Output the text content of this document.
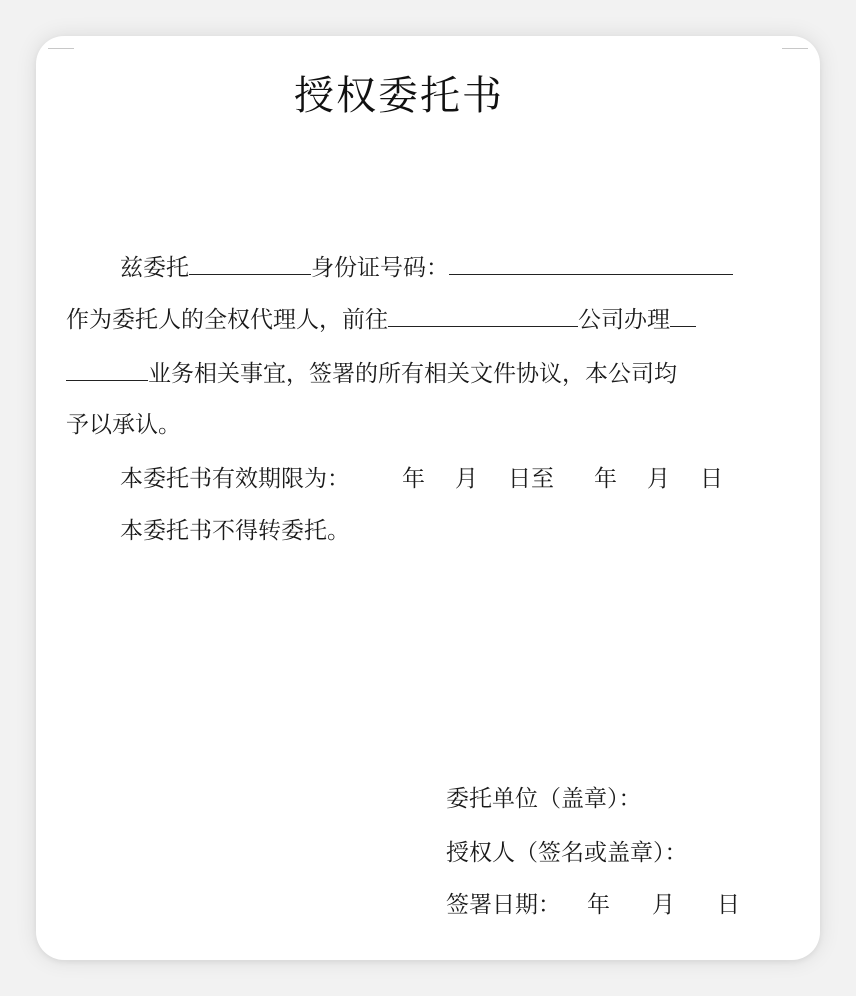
授权委托书
兹委托	身份证号码：
作为委托人的全权代理人，前往	公司办理
业务相关事宜，签署的所有相关文件协议，本公司均
予以承认。
本委托书有效期限为： 年 月 日至 年 月 日
本委托书不得转委托。
委托单位（盖章）：
授权人（签名或盖章）：
签署日期： 年 月 日
